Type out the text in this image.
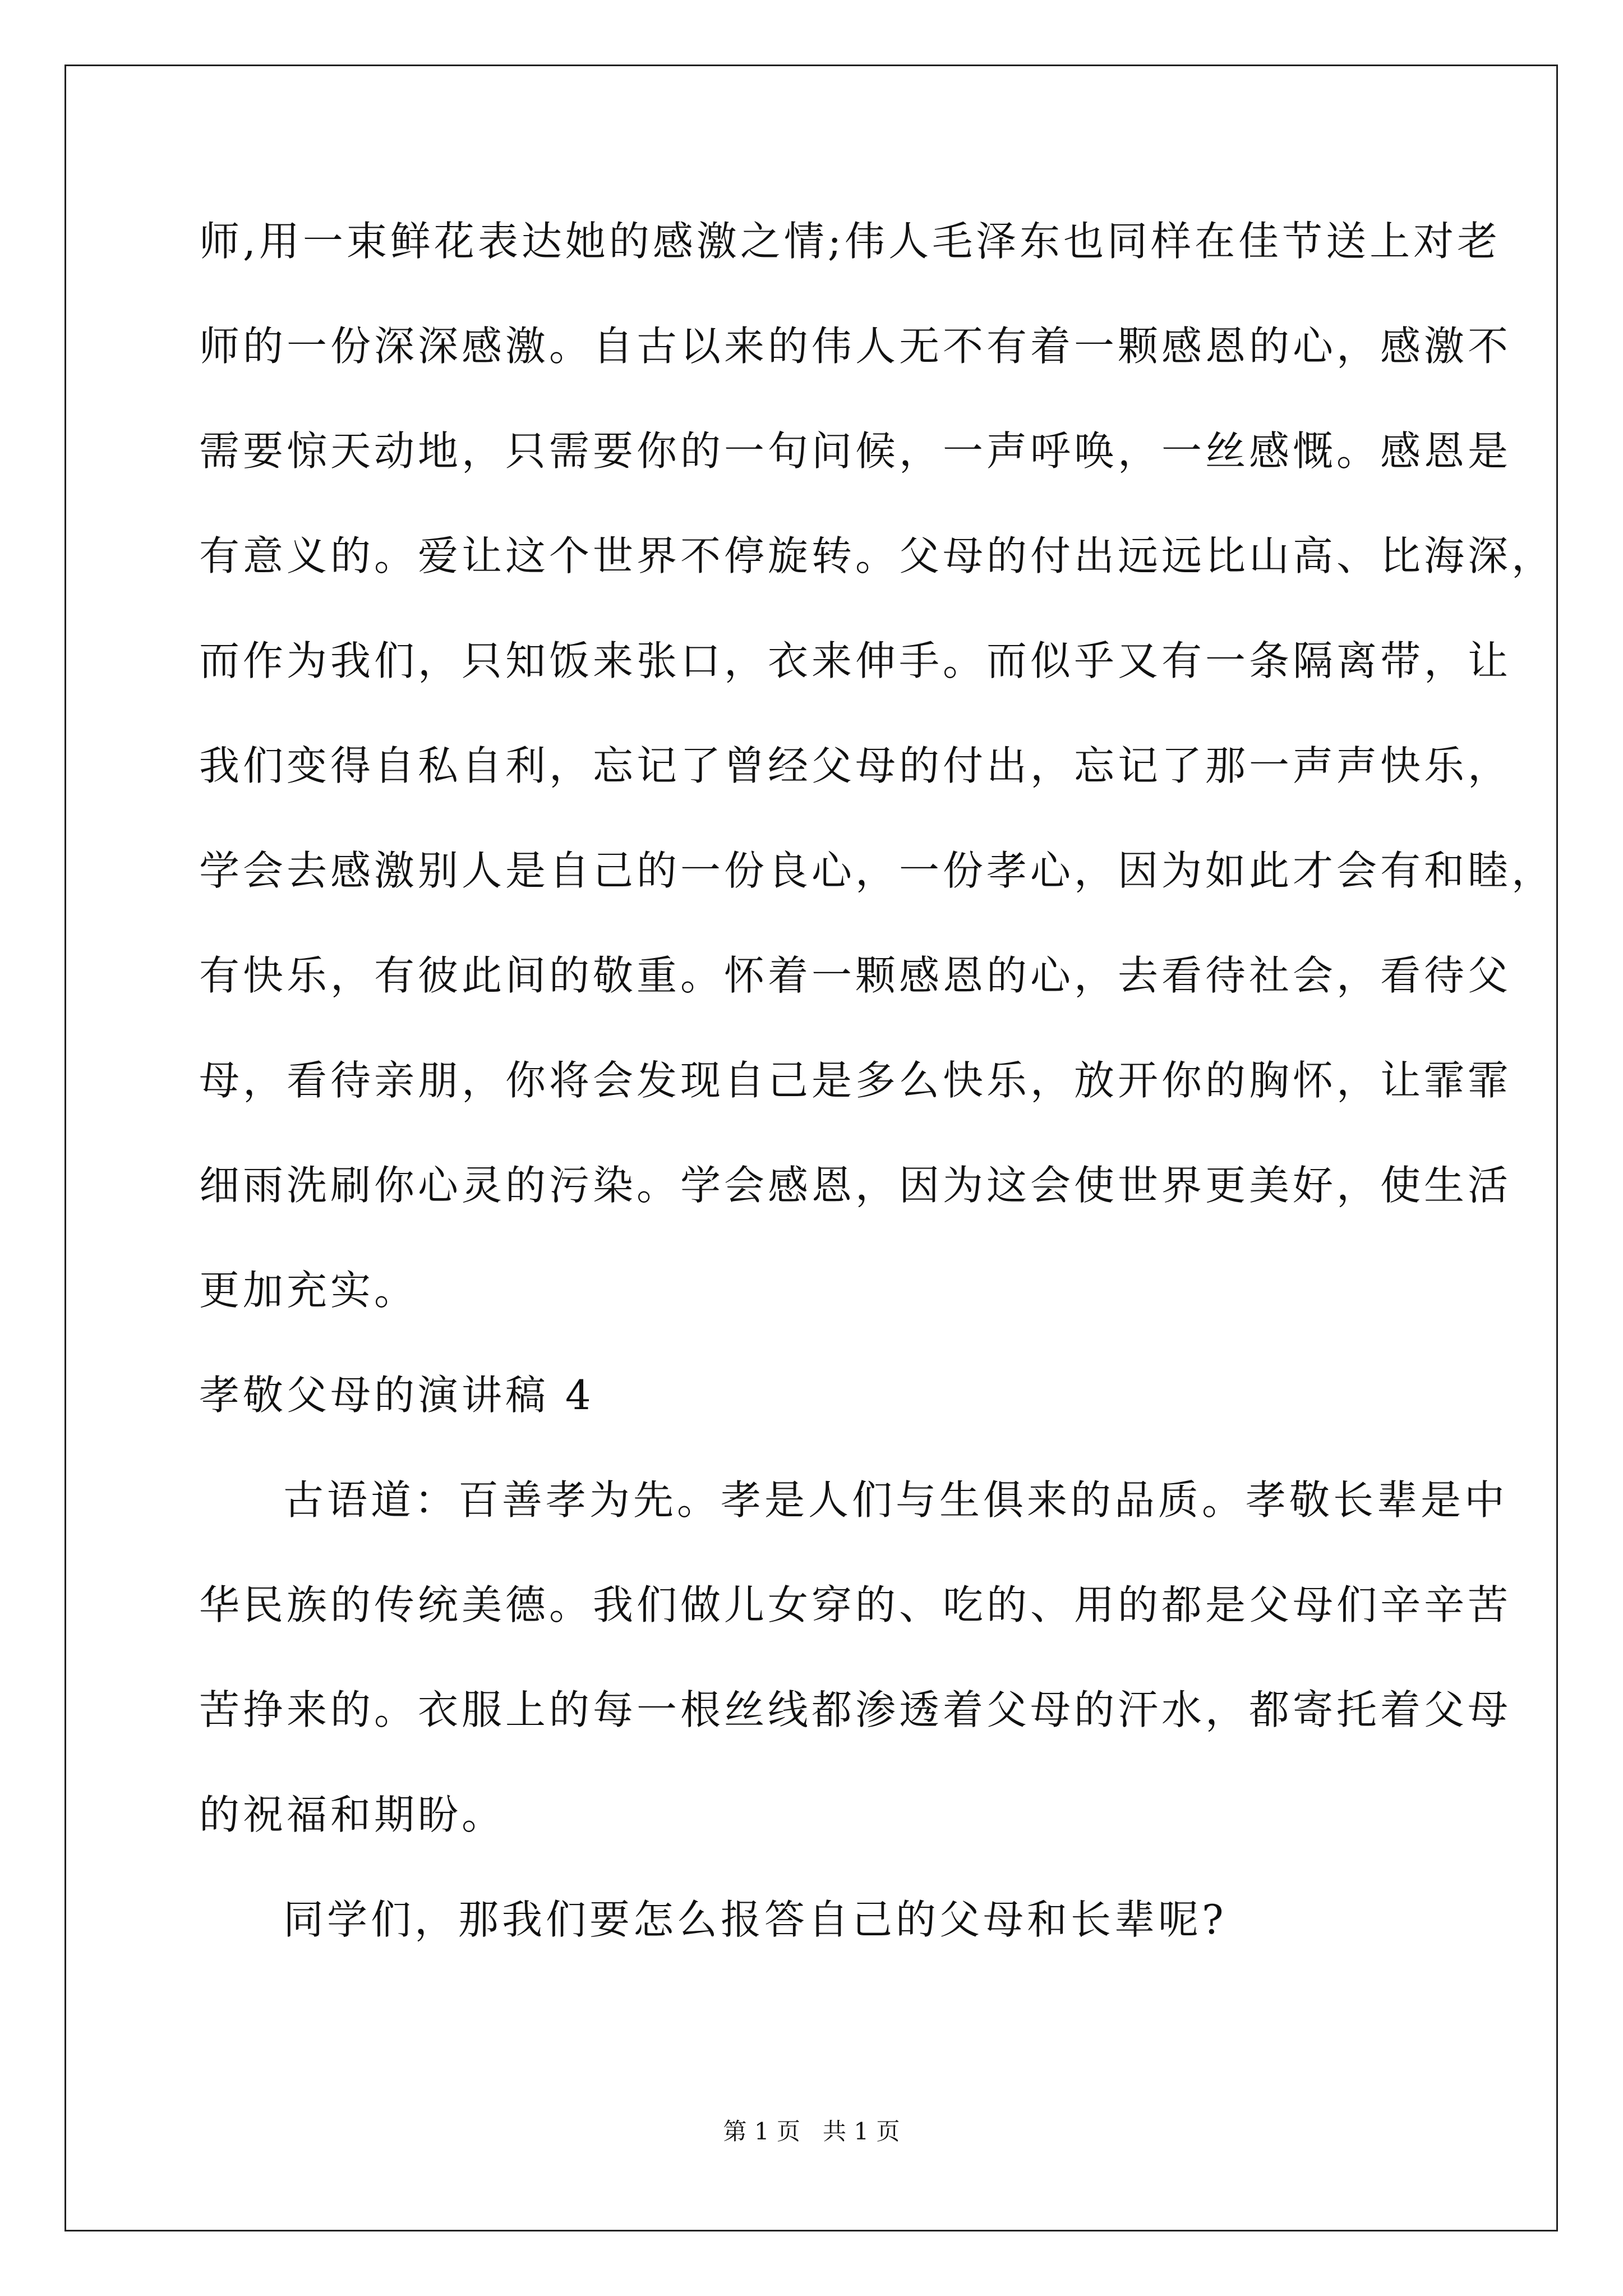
师,用一束鲜花表达她的感激之情;伟人毛泽东也同样在佳节送上对老
师的一份深深感激。自古以来的伟人无不有着一颗感恩的心，感激不
需要惊天动地，只需要你的一句问候，一声呼唤，一丝感慨。感恩是
有意义的。爱让这个世界不停旋转。父母的付出远远比山高、比海深，
而作为我们，只知饭来张口，衣来伸手。而似乎又有一条隔离带，让
我们变得自私自利，忘记了曾经父母的付出，忘记了那一声声快乐，
学会去感激别人是自己的一份良心，一份孝心，因为如此才会有和睦，
有快乐，有彼此间的敬重。怀着一颗感恩的心，去看待社会，看待父
母，看待亲朋，你将会发现自己是多么快乐，放开你的胸怀，让霏霏
细雨洗刷你心灵的污染。学会感恩，因为这会使世界更美好，使生活
更加充实。
孝敬父母的演讲稿 4
古语道：百善孝为先。孝是人们与生俱来的品质。孝敬长辈是中
华民族的传统美德。我们做儿女穿的、吃的、用的都是父母们辛辛苦
苦挣来的。衣服上的每一根丝线都渗透着父母的汗水，都寄托着父母
的祝福和期盼。
同学们，那我们要怎么报答自己的父母和长辈呢?
第 1 页   共 1 页
